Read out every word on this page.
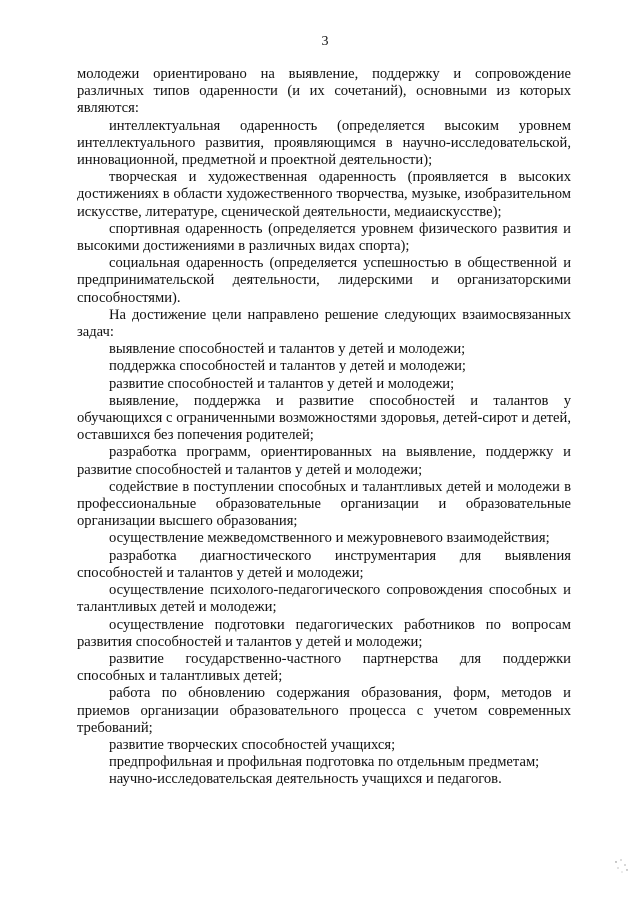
3

молодежи ориентировано на выявление, поддержку и сопровождение различных типов одаренности (и их сочетаний), основными из которых являются:

интеллектуальная одаренность (определяется высоким уровнем интеллектуального развития, проявляющимся в научно-исследовательской, инновационной, предметной и проектной деятельности);

творческая и художественная одаренность (проявляется в высоких достижениях в области художественного творчества, музыке, изобразительном искусстве, литературе, сценической деятельности, медиаискусстве);

спортивная одаренность (определяется уровнем физического развития и высокими достижениями в различных видах спорта);

социальная одаренность (определяется успешностью в общественной и предпринимательской деятельности, лидерскими и организаторскими способностями).

На достижение цели направлено решение следующих взаимосвязанных задач:

выявление способностей и талантов у детей и молодежи;

поддержка способностей и талантов у детей и молодежи;

развитие способностей и талантов у детей и молодежи;

выявление, поддержка и развитие способностей и талантов у обучающихся с ограниченными возможностями здоровья, детей-сирот и детей, оставшихся без попечения родителей;

разработка программ, ориентированных на выявление, поддержку и развитие способностей и талантов у детей и молодежи;

содействие в поступлении способных и талантливых детей и молодежи в профессиональные образовательные организации и образовательные организации высшего образования;

осуществление межведомственного и межуровневого взаимодействия;

разработка диагностического инструментария для выявления способностей и талантов у детей и молодежи;

осуществление психолого-педагогического сопровождения способных и талантливых детей и молодежи;

осуществление подготовки педагогических работников по вопросам развития способностей и талантов у детей и молодежи;

развитие государственно-частного партнерства для поддержки способных и талантливых детей;

работа по обновлению содержания образования, форм, методов и приемов организации образовательного процесса с учетом современных требований;

развитие творческих способностей учащихся;

предпрофильная и профильная подготовка по отдельным предметам;

научно-исследовательская деятельность учащихся и педагогов.
